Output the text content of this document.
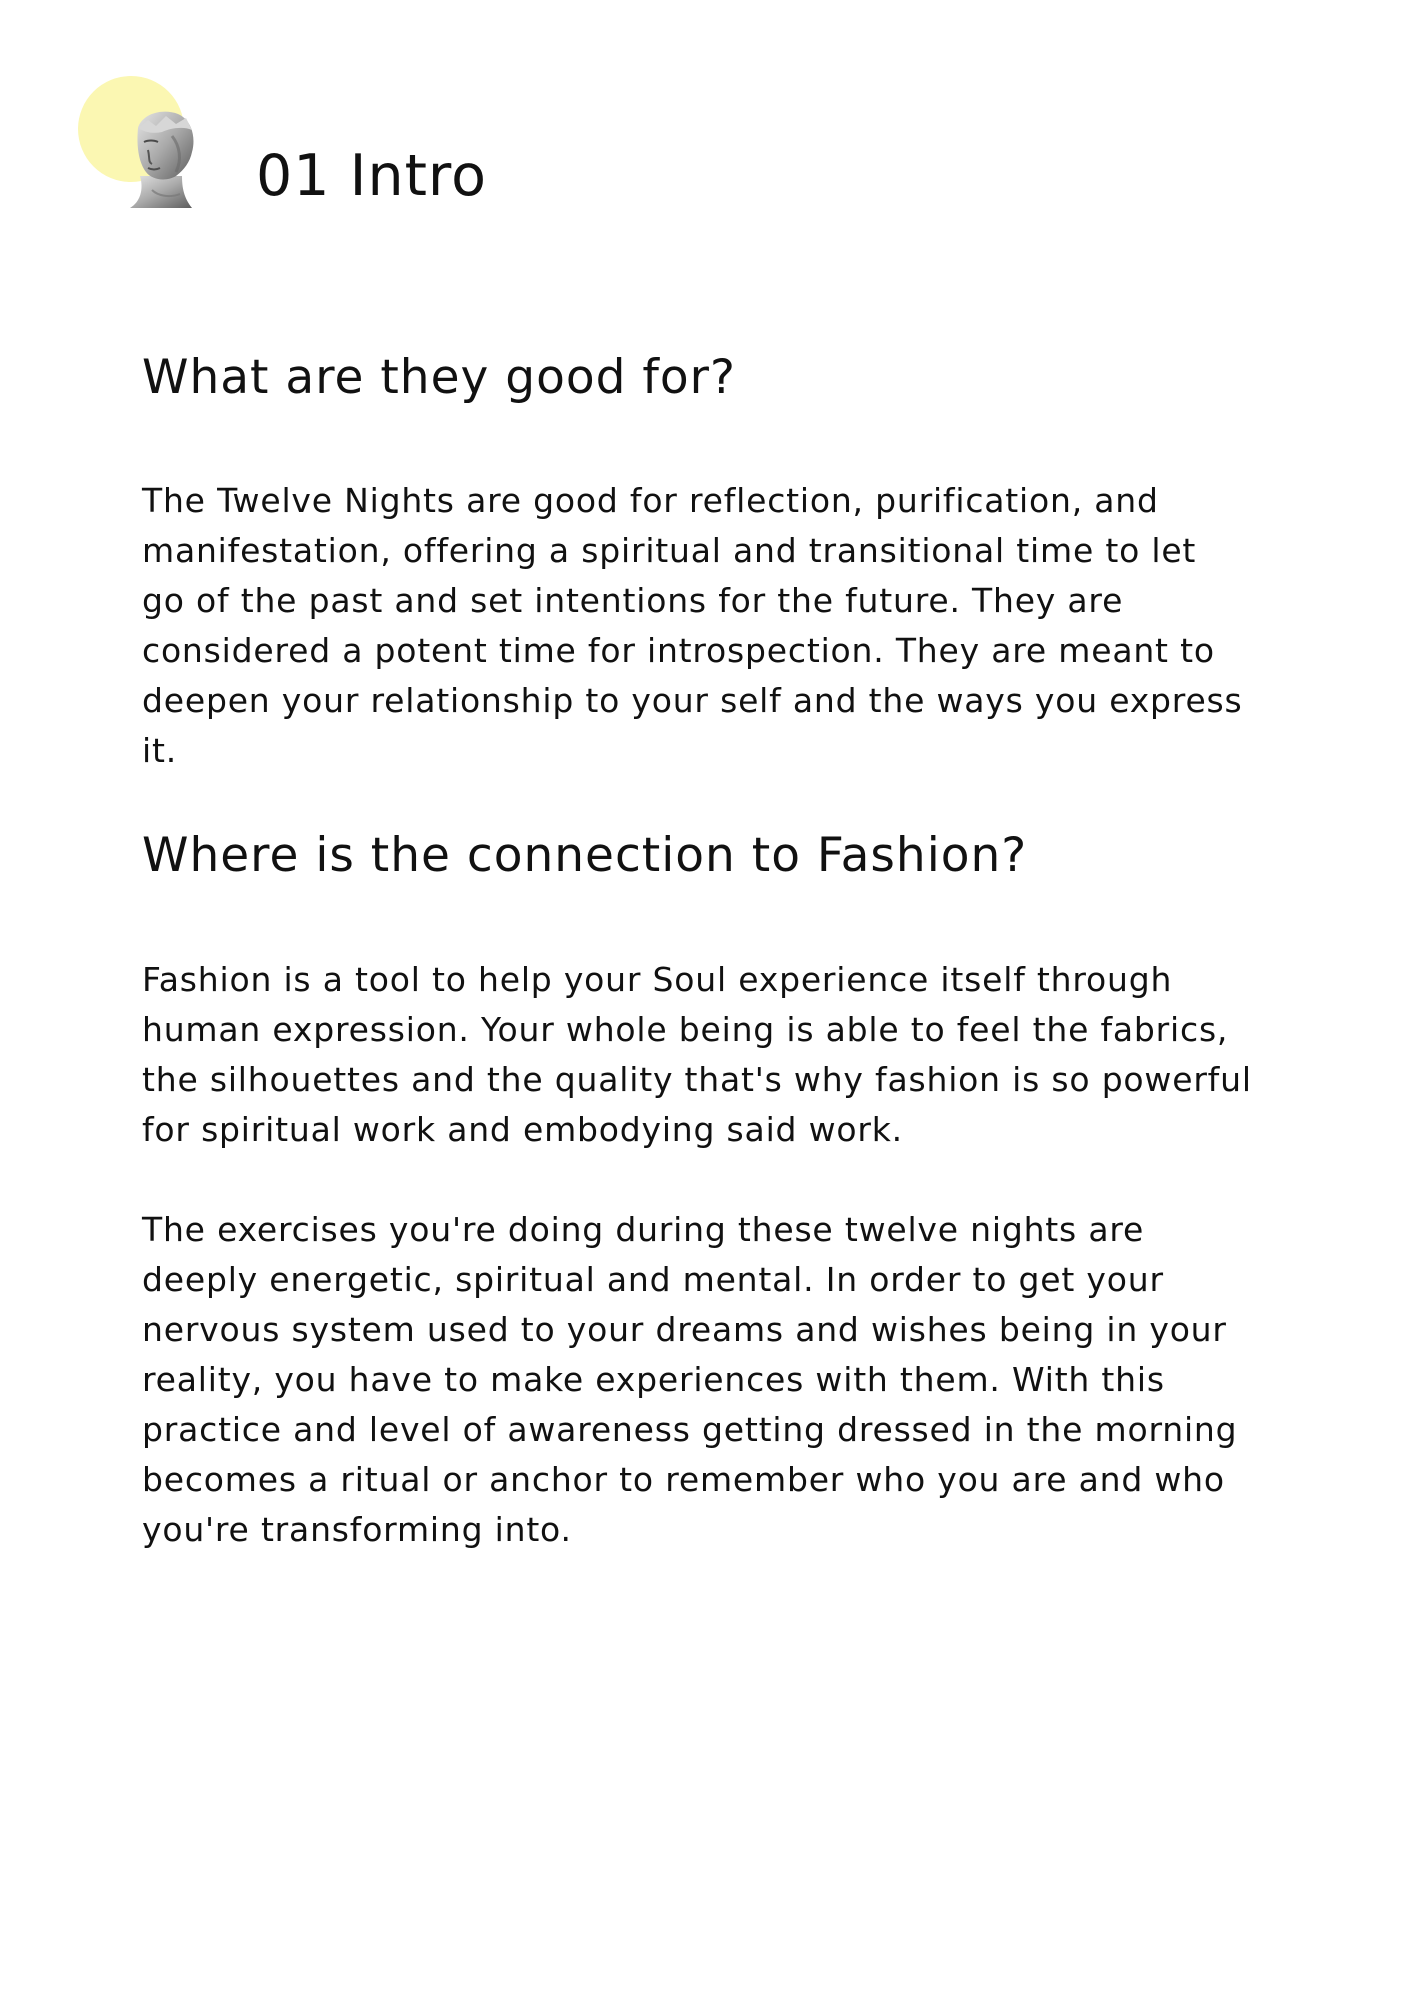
01 Intro
What are they good for?

The Twelve Nights are good for reflection, purification, and
manifestation, offering a spiritual and transitional time to let
go of the past and set intentions for the future. They are
considered a potent time for introspection. They are meant to
deepen your relationship to your self and the ways you express
it.

Where is the connection to Fashion?

Fashion is a tool to help your Soul experience itself through
human expression. Your whole being is able to feel the fabrics,
the silhouettes and the quality that's why fashion is so powerful
for spiritual work and embodying said work.

The exercises you're doing during these twelve nights are
deeply energetic, spiritual and mental. In order to get your
nervous system used to your dreams and wishes being in your
reality, you have to make experiences with them. With this
practice and level of awareness getting dressed in the morning
becomes a ritual or anchor to remember who you are and who
you're transforming into.
